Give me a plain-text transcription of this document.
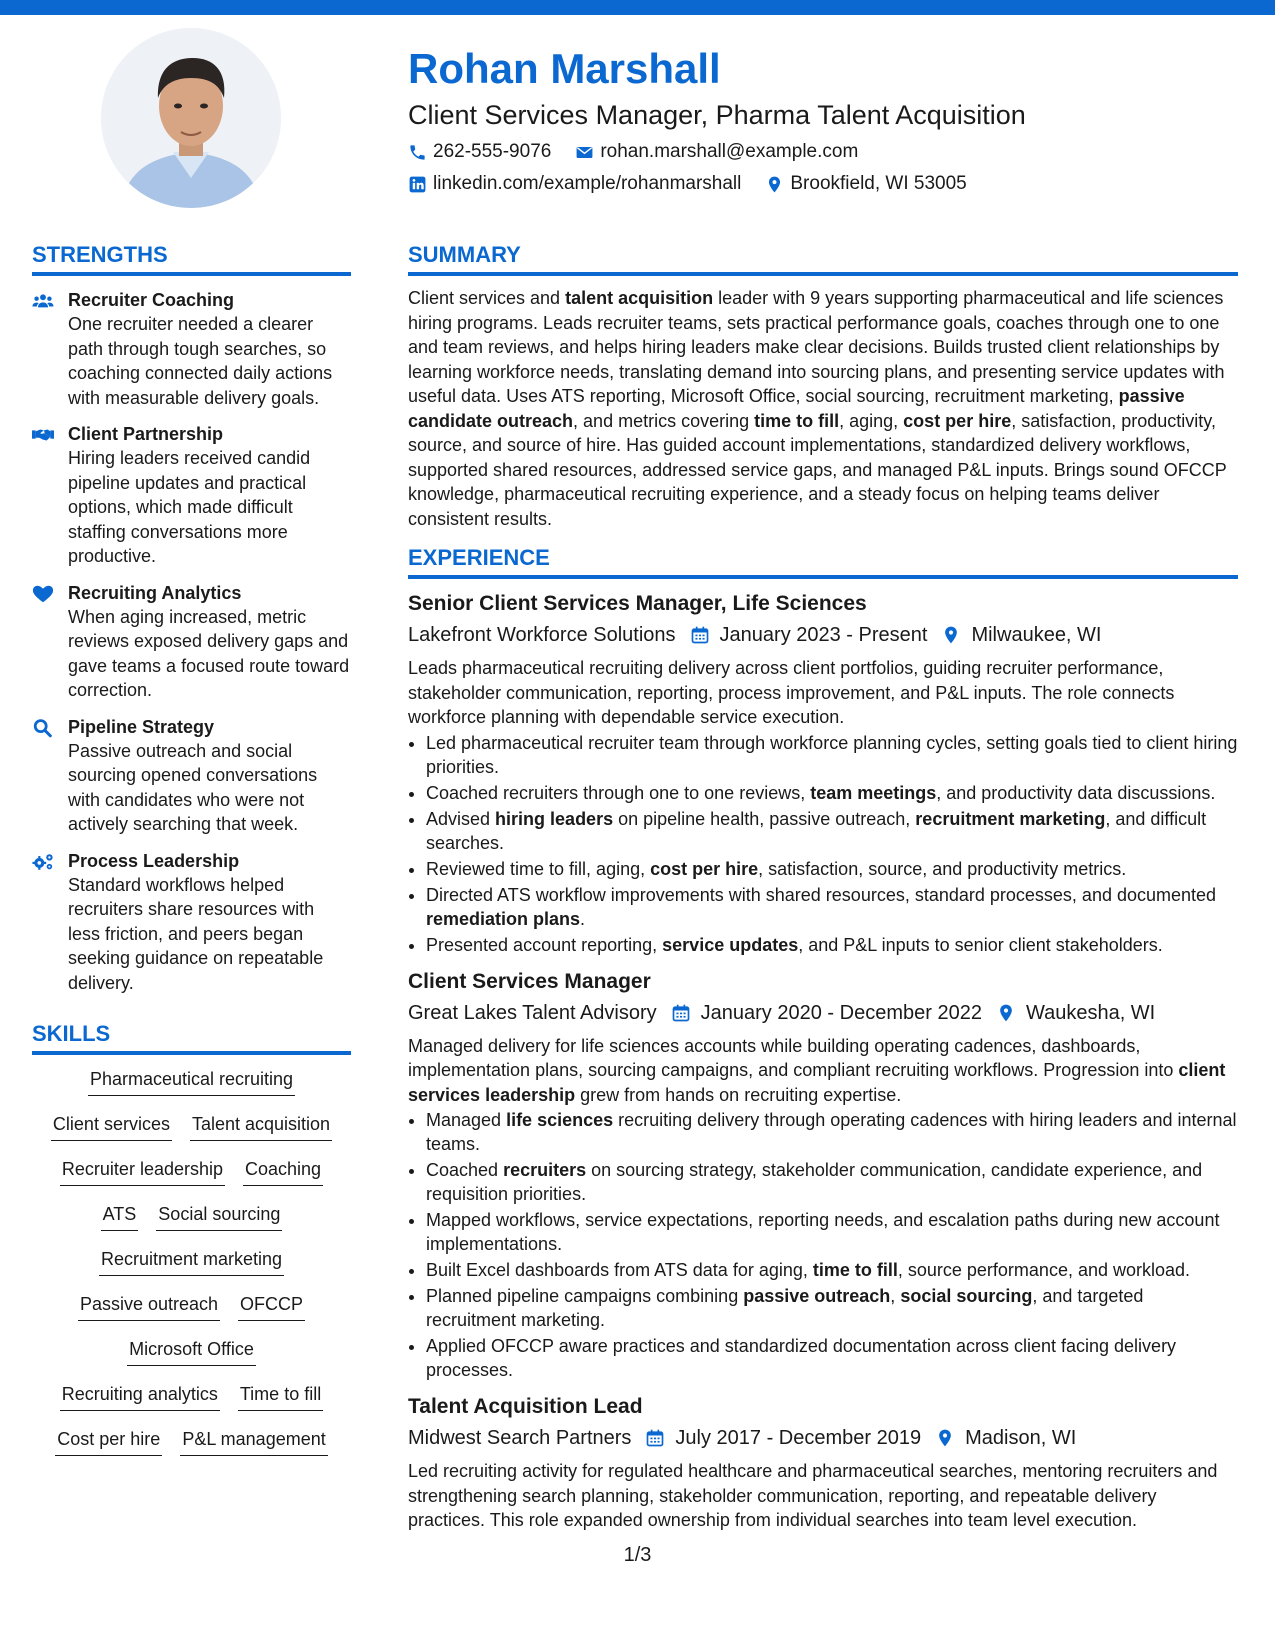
Rohan Marshall
Client Services Manager, Pharma Talent Acquisition
262-555-9076	rohan.marshall@example.com
linkedin.com/example/rohanmarshall	Brookfield, WI 53005
STRENGTHS
Recruiter Coaching
One recruiter needed a clearer path through tough searches, so coaching connected daily actions with measurable delivery goals.
Client Partnership
Hiring leaders received candid pipeline updates and practical options, which made difficult staffing conversations more productive.
Recruiting Analytics
When aging increased, metric reviews exposed delivery gaps and gave teams a focused route toward correction.
Pipeline Strategy
Passive outreach and social sourcing opened conversations with candidates who were not actively searching that week.
Process Leadership
Standard workflows helped recruiters share resources with less friction, and peers began seeking guidance on repeatable delivery.
SKILLS
Pharmaceutical recruiting
Client services Talent acquisition
Recruiter leadership Coaching
ATS Social sourcing
Recruitment marketing
Passive outreach OFCCP
Microsoft Office
Recruiting analytics Time to fill
Cost per hire P&L management
SUMMARY

Client services and talent acquisition leader with 9 years supporting pharmaceutical and life sciences hiring programs. Leads recruiter teams, sets practical performance goals, coaches through one to one and team reviews, and helps hiring leaders make clear decisions. Builds trusted client relationships by learning workforce needs, translating demand into sourcing plans, and presenting service updates with useful data. Uses ATS reporting, Microsoft Office, social sourcing, recruitment marketing, passive candidate outreach, and metrics covering time to fill, aging, cost per hire, satisfaction, productivity, source, and source of hire. Has guided account implementations, standardized delivery workflows, supported shared resources, addressed service gaps, and managed P&L inputs. Brings sound OFCCP knowledge, pharmaceutical recruiting experience, and a steady focus on helping teams deliver consistent results.

EXPERIENCE
Senior Client Services Manager, Life Sciences
Lakefront Workforce Solutions January 2023 - Present Milwaukee, WI
Leads pharmaceutical recruiting delivery across client portfolios, guiding recruiter performance, stakeholder communication, reporting, process improvement, and P&L inputs. The role connects workforce planning with dependable service execution.
• Led pharmaceutical recruiter team through workforce planning cycles, setting goals tied to client hiring priorities.
• Coached recruiters through one to one reviews, team meetings, and productivity data discussions.
• Advised hiring leaders on pipeline health, passive outreach, recruitment marketing, and difficult searches.
• Reviewed time to fill, aging, cost per hire, satisfaction, source, and productivity metrics.
• Directed ATS workflow improvements with shared resources, standard processes, and documented remediation plans.
• Presented account reporting, service updates, and P&L inputs to senior client stakeholders.
Client Services Manager
Great Lakes Talent Advisory January 2020 - December 2022 Waukesha, WI
Managed delivery for life sciences accounts while building operating cadences, dashboards, implementation plans, sourcing campaigns, and compliant recruiting workflows. Progression into client services leadership grew from hands on recruiting expertise.
• Managed life sciences recruiting delivery through operating cadences with hiring leaders and internal teams.
• Coached recruiters on sourcing strategy, stakeholder communication, candidate experience, and requisition priorities.
• Mapped workflows, service expectations, reporting needs, and escalation paths during new account implementations.
• Built Excel dashboards from ATS data for aging, time to fill, source performance, and workload.
• Planned pipeline campaigns combining passive outreach, social sourcing, and targeted recruitment marketing.
• Applied OFCCP aware practices and standardized documentation across client facing delivery processes.
Talent Acquisition Lead
Midwest Search Partners July 2017 - December 2019 Madison, WI
Led recruiting activity for regulated healthcare and pharmaceutical searches, mentoring recruiters and strengthening search planning, stakeholder communication, reporting, and repeatable delivery practices. This role expanded ownership from individual searches into team level execution.
1/3
